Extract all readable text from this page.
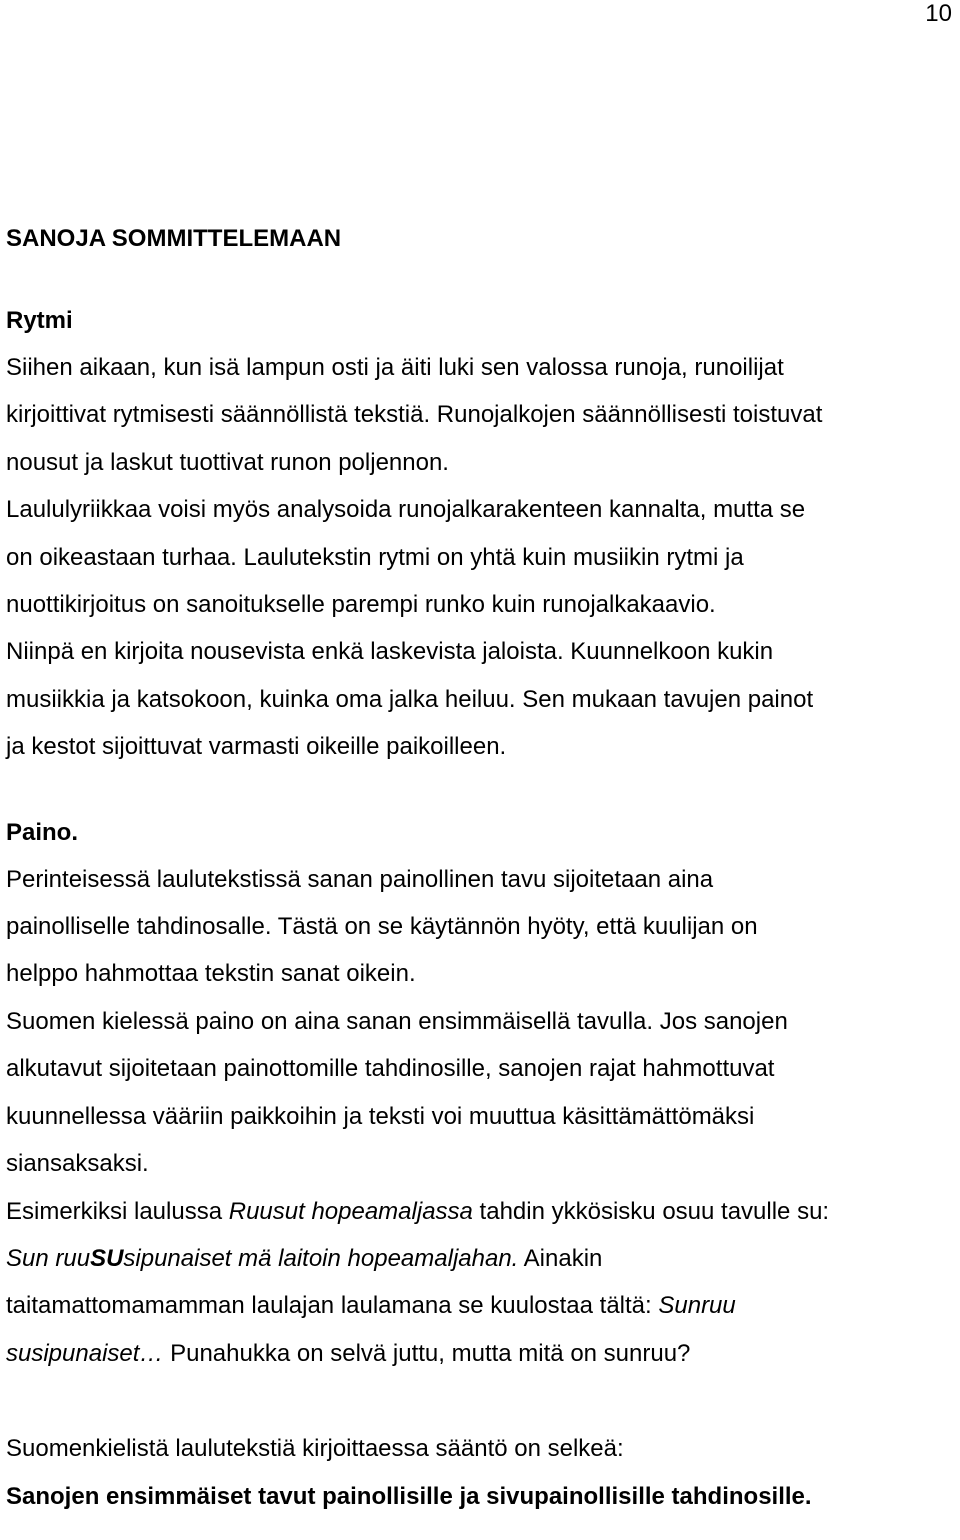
10
SANOJA SOMMITTELEMAAN
Rytmi
Siihen aikaan, kun isä lampun osti ja äiti luki sen valossa runoja, runoilijat
kirjoittivat rytmisesti säännöllistä tekstiä. Runojalkojen säännöllisesti toistuvat
nousut ja laskut tuottivat runon poljennon.
Laululyriikkaa voisi myös analysoida runojalkarakenteen kannalta, mutta se
on oikeastaan turhaa. Laulutekstin rytmi on yhtä kuin musiikin rytmi ja
nuottikirjoitus on sanoitukselle parempi runko kuin runojalkakaavio.
Niinpä en kirjoita nousevista enkä laskevista jaloista. Kuunnelkoon kukin
musiikkia ja katsokoon, kuinka oma jalka heiluu. Sen mukaan tavujen painot
ja kestot sijoittuvat varmasti oikeille paikoilleen.
Paino.
Perinteisessä laulutekstissä sanan painollinen tavu sijoitetaan aina
painolliselle tahdinosalle. Tästä on se käytännön hyöty, että kuulijan on
helppo hahmottaa tekstin sanat oikein.
Suomen kielessä paino on aina sanan ensimmäisellä tavulla. Jos sanojen
alkutavut sijoitetaan painottomille tahdinosille, sanojen rajat hahmottuvat
kuunnellessa vääriin paikkoihin ja teksti voi muuttua käsittämättömäksi
siansaksaksi.
Esimerkiksi laulussa Ruusut hopeamaljassa tahdin ykkösisku osuu tavulle su:
Sun ruuSUsipunaiset mä laitoin hopeamaljahan. Ainakin
taitamattomamamman laulajan laulamana se kuulostaa tältä: Sunruu
susipunaiset… Punahukka on selvä juttu, mutta mitä on sunruu?
Suomenkielistä laulutekstiä kirjoittaessa sääntö on selkeä:
Sanojen ensimmäiset tavut painollisille ja sivupainollisille tahdinosille.
